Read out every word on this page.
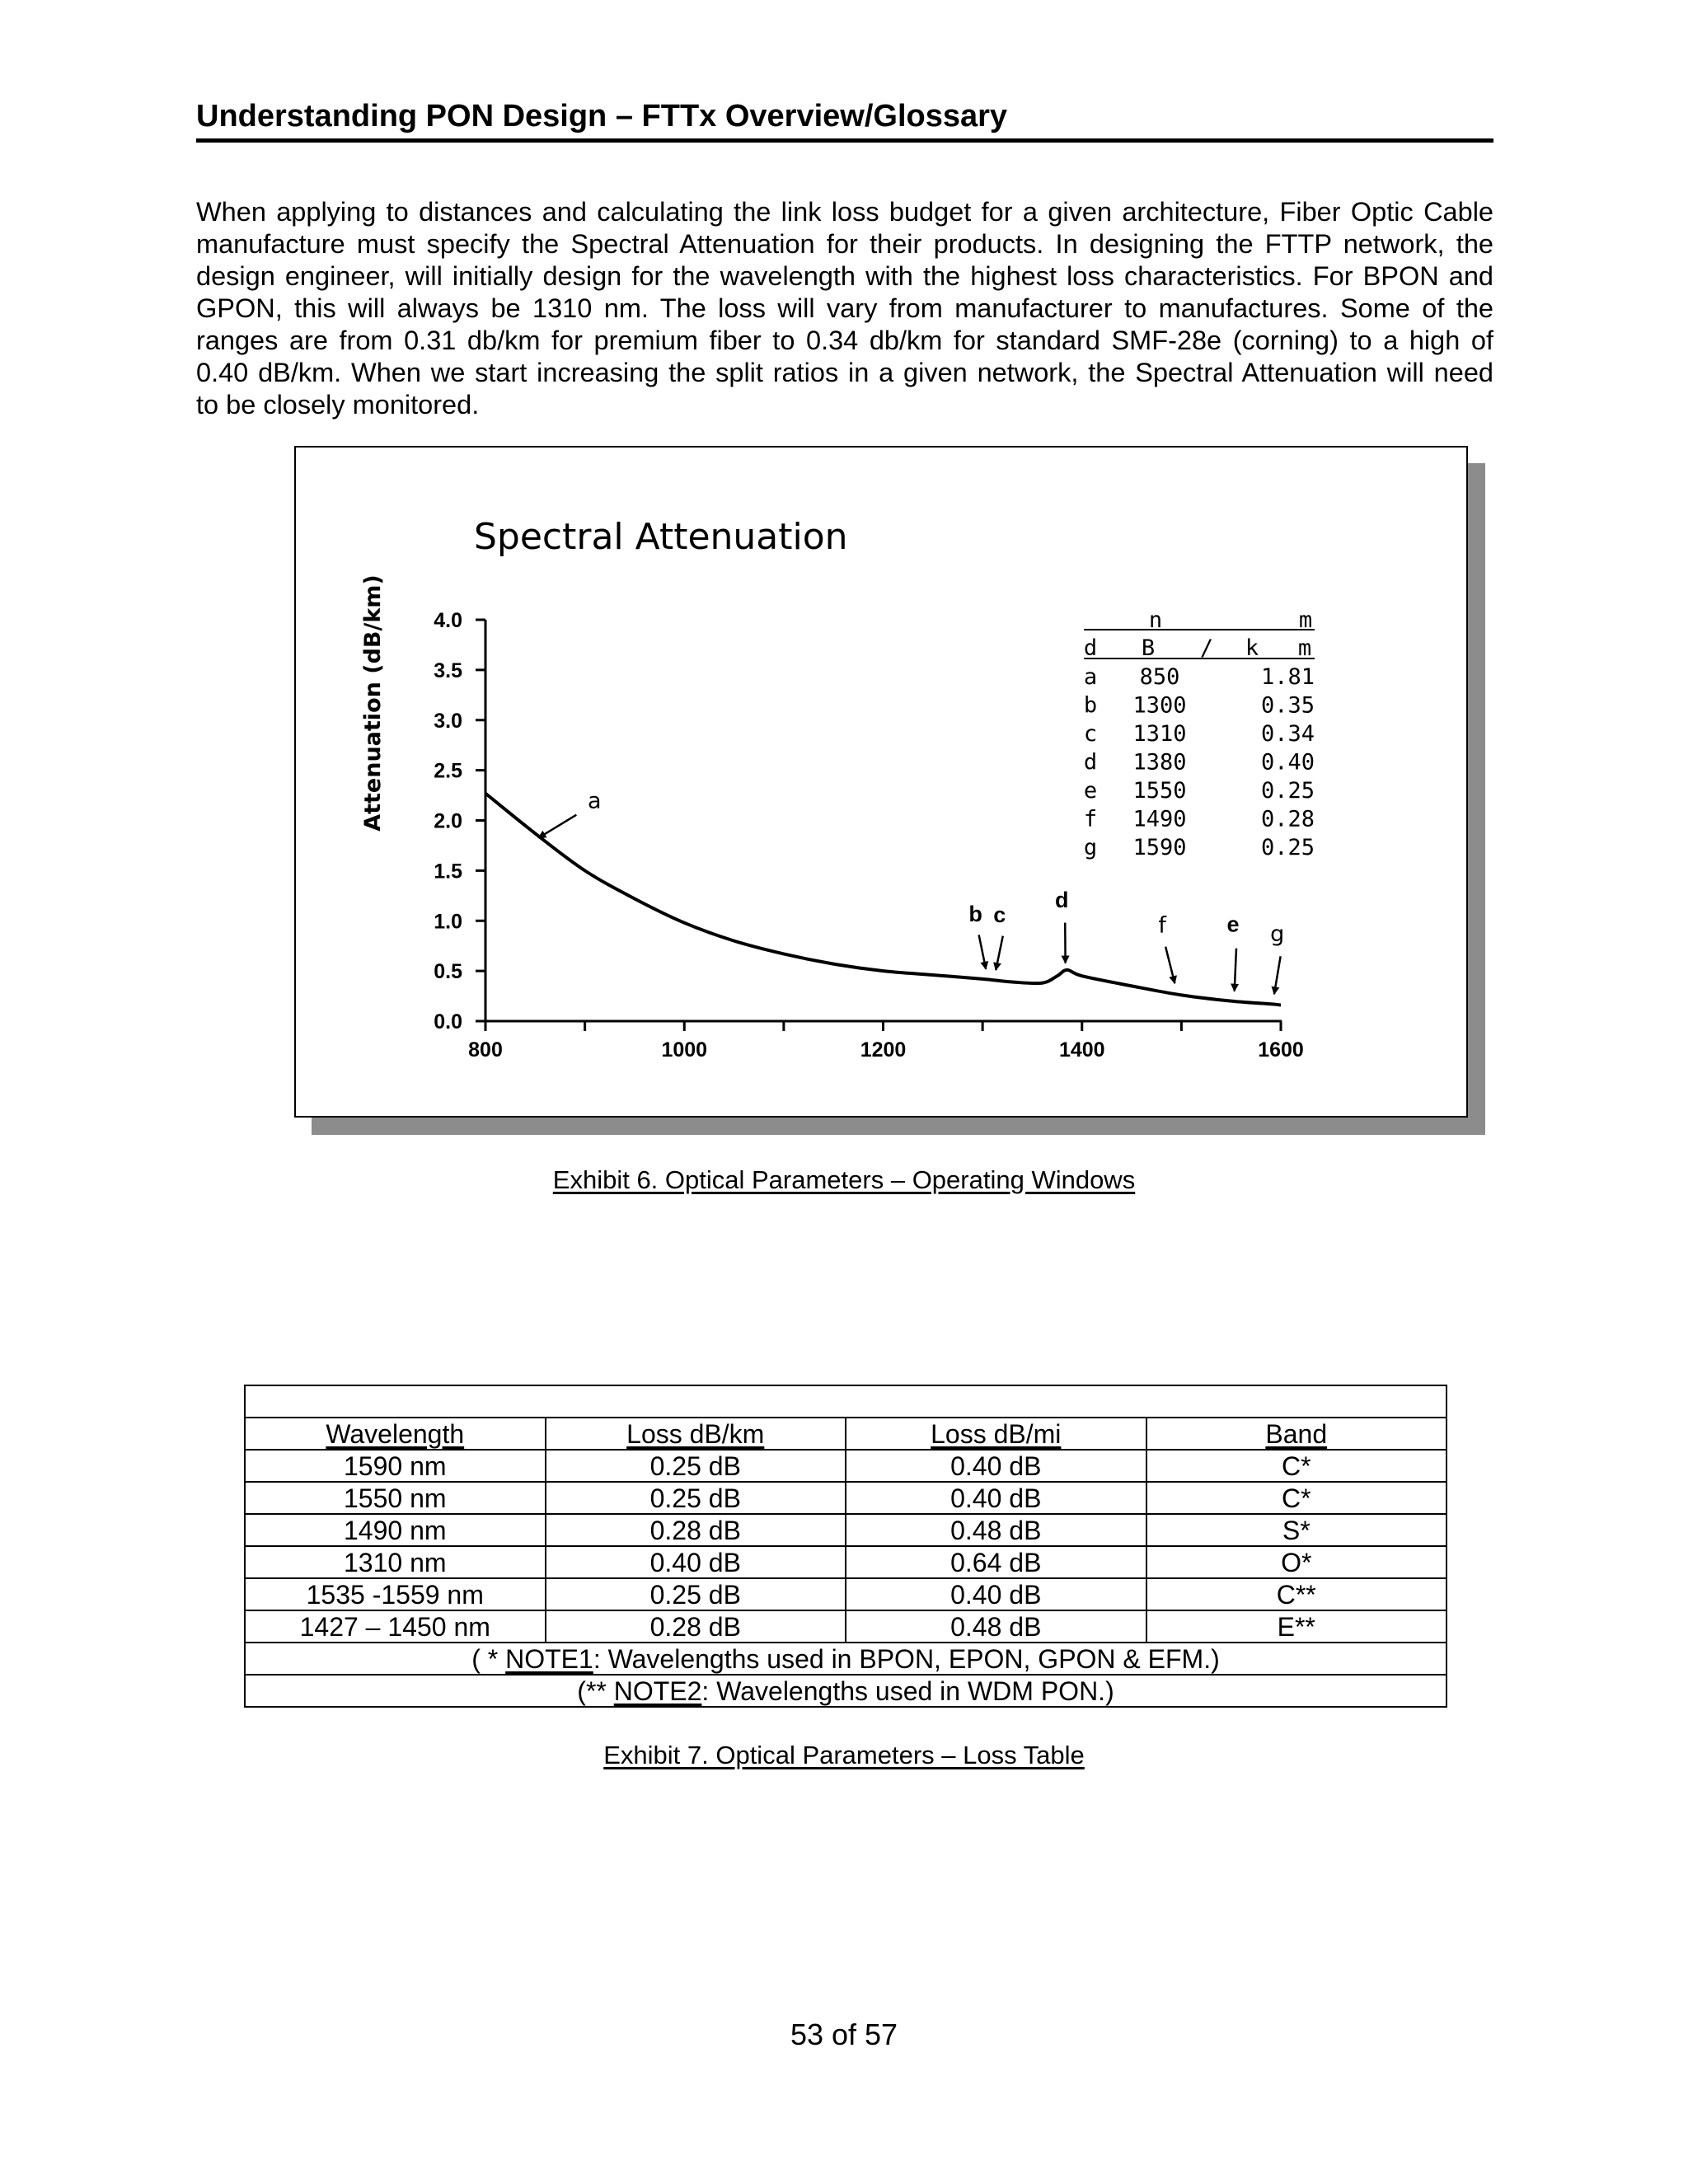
Understanding PON Design – FTTx Overview/Glossary

When applying to distances and calculating the link loss budget for a given architecture, Fiber Optic Cable
manufacture must specify the Spectral Attenuation for their products. In designing the FTTP network, the
design engineer, will initially design for the wavelength with the highest loss characteristics. For BPON and
GPON, this will always be 1310 nm. The loss will vary from manufacturer to manufactures. Some of the
ranges are from 0.31 db/km for premium fiber to 0.34 db/km for standard SMF-28e (corning) to a high of
0.40 dB/km. When we start increasing the split ratios in a given network, the Spectral Attenuation will need
to be closely monitored.

Spectral Attenuation
Attenuation (dB/km)
0.0
0.5
1.0
1.5
2.0
2.5
3.0
3.5
4.0
800	1000	1200	1400	1600
a
b c
d
f	e g
n	m
d B / k m
a 850	1.81
b 1300	0.35
c 1310	0.34
d 1380	0.40
e 1550	0.25
f 1490	0.28
g 1590	0.25
Exhibit 6. Optical Parameters – Operating Windows

Wavelength	Loss dB/km	Loss dB/mi	Band
1590 nm	0.25 dB	0.40 dB	C*
1550 nm	0.25 dB	0.40 dB	C*
1490 nm	0.28 dB	0.48 dB	S*
1310 nm	0.40 dB	0.64 dB	O*
1535 -1559 nm	0.25 dB	0.40 dB	C**
1427 – 1450 nm	0.28 dB	0.48 dB	E**
( * NOTE1: Wavelengths used in BPON, EPON, GPON & EFM.)			
(** NOTE2: Wavelengths used in WDM PON.)			
Exhibit 7. Optical Parameters – Loss Table
53 of 57
